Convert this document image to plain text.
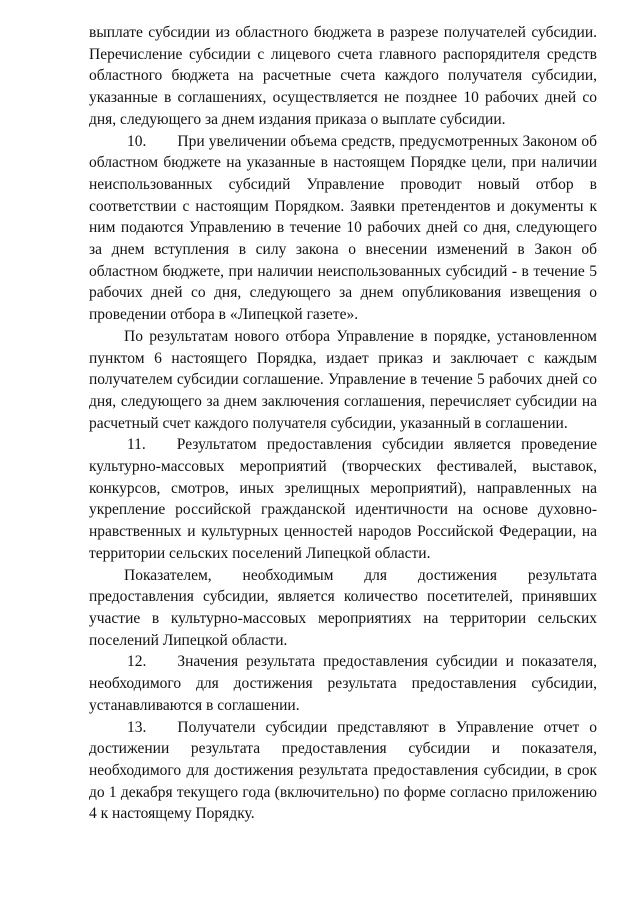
выплате субсидии из областного бюджета в разрезе получателей субсидии. Перечисление субсидии с лицевого счета главного распорядителя средств областного бюджета на расчетные счета каждого получателя субсидии, указанные в соглашениях, осуществляется не позднее 10 рабочих дней со дня, следующего за днем издания приказа о выплате субсидии.

10.  При увеличении объема средств, предусмотренных Законом об областном бюджете на указанные в настоящем Порядке цели, при наличии неиспользованных субсидий Управление проводит новый отбор в соответствии с настоящим Порядком. Заявки претендентов и документы к ним подаются Управлению в течение 10 рабочих дней со дня, следующего за днем вступления в силу закона о внесении изменений в Закон об областном бюджете, при наличии неиспользованных субсидий - в течение 5 рабочих дней со дня, следующего за днем опубликования извещения о проведении отбора в «Липецкой газете».

По результатам нового отбора Управление в порядке, установленном пунктом 6 настоящего Порядка, издает приказ и заключает с каждым получателем субсидии соглашение. Управление в течение 5 рабочих дней со дня, следующего за днем заключения соглашения, перечисляет субсидии на расчетный счет каждого получателя субсидии, указанный в соглашении.

11.  Результатом предоставления субсидии является проведение культурно-массовых мероприятий (творческих фестивалей, выставок, конкурсов, смотров, иных зрелищных мероприятий), направленных на укрепление российской гражданской идентичности на основе духовно-нравственных и культурных ценностей народов Российской Федерации, на территории сельских поселений Липецкой области.

Показателем, необходимым для достижения результата предоставления субсидии, является количество посетителей, принявших участие в культурно-массовых мероприятиях на территории сельских поселений Липецкой области.

12.  Значения результата предоставления субсидии и показателя, необходимого для достижения результата предоставления субсидии, устанавливаются в соглашении.

13.  Получатели субсидии представляют в Управление отчет о достижении результата предоставления субсидии и показателя, необходимого для достижения результата предоставления субсидии, в срок до 1 декабря текущего года (включительно) по форме согласно приложению 4 к настоящему Порядку.
